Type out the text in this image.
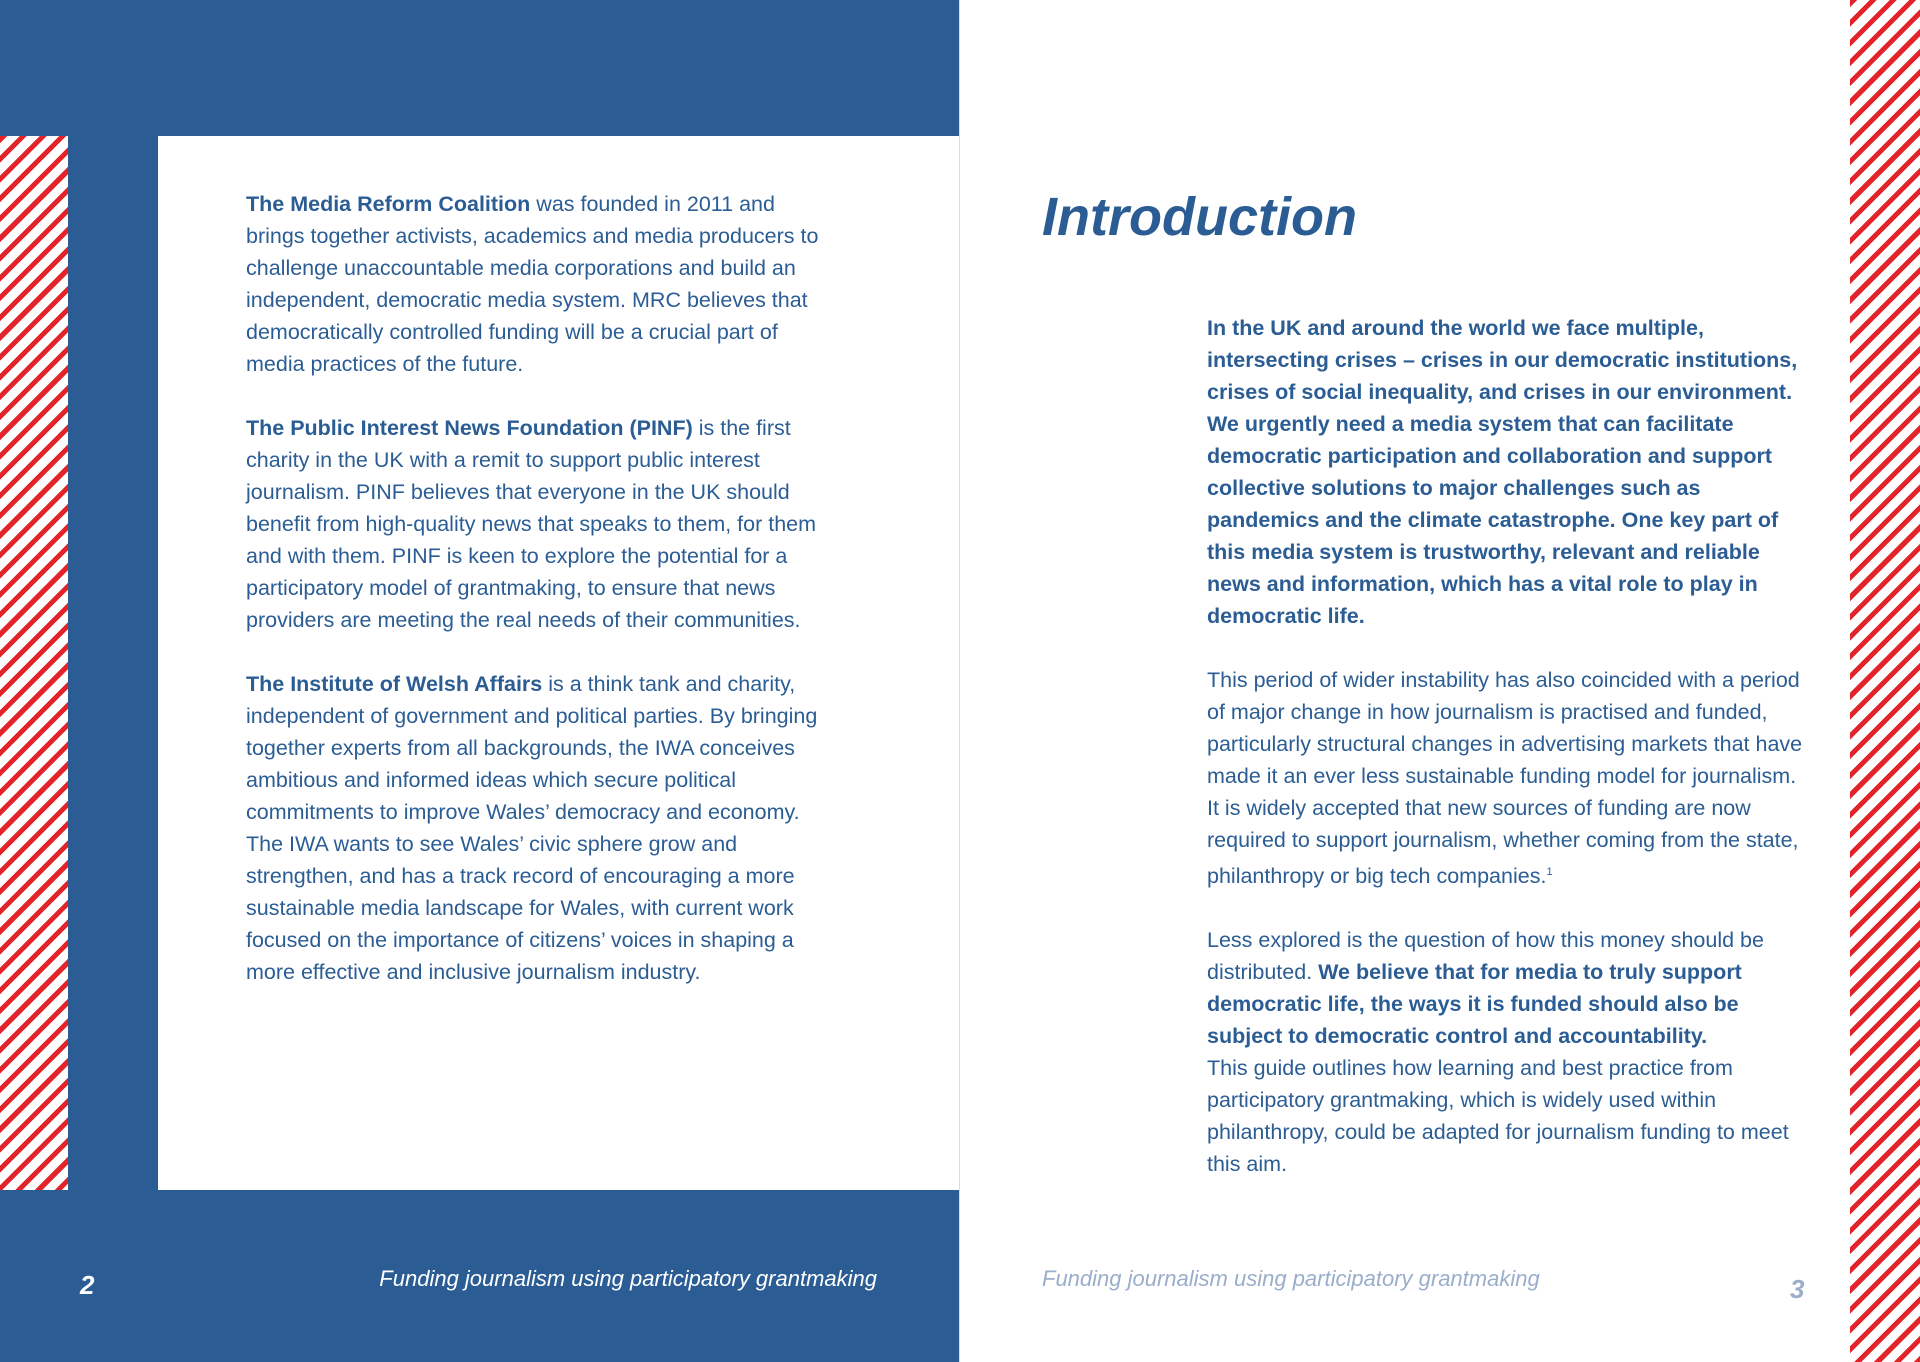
The Media Reform Coalition was founded in 2011 and brings together activists, academics and media producers to challenge unaccountable media corporations and build an independent, democratic media system. MRC believes that democratically controlled funding will be a crucial part of media practices of the future.

The Public Interest News Foundation (PINF) is the first charity in the UK with a remit to support public interest journalism. PINF believes that everyone in the UK should benefit from high-quality news that speaks to them, for them and with them. PINF is keen to explore the potential for a participatory model of grantmaking, to ensure that news providers are meeting the real needs of their communities.

The Institute of Welsh Affairs is a think tank and charity, independent of government and political parties. By bringing together experts from all backgrounds, the IWA conceives ambitious and informed ideas which secure political commitments to improve Wales’ democracy and economy. The IWA wants to see Wales’ civic sphere grow and strengthen, and has a track record of encouraging a more sustainable media landscape for Wales, with current work focused on the importance of citizens’ voices in shaping a more effective and inclusive journalism industry.

2	Funding journalism using participatory grantmaking
Introduction

In the UK and around the world we face multiple, intersecting crises – crises in our democratic institutions, crises of social inequality, and crises in our environment. We urgently need a media system that can facilitate democratic participation and collaboration and support collective solutions to major challenges such as pandemics and the climate catastrophe. One key part of this media system is trustworthy, relevant and reliable news and information, which has a vital role to play in democratic life.

This period of wider instability has also coincided with a period of major change in how journalism is practised and funded, particularly structural changes in advertising markets that have made it an ever less sustainable funding model for journalism. It is widely accepted that new sources of funding are now required to support journalism, whether coming from the state, philanthropy or big tech companies.$^1$

Less explored is the question of how this money should be distributed. We believe that for media to truly support democratic life, the ways it is funded should also be subject to democratic control and accountability.
This guide outlines how learning and best practice from participatory grantmaking, which is widely used within philanthropy, could be adapted for journalism funding to meet this aim.

Funding journalism using participatory grantmaking	3
